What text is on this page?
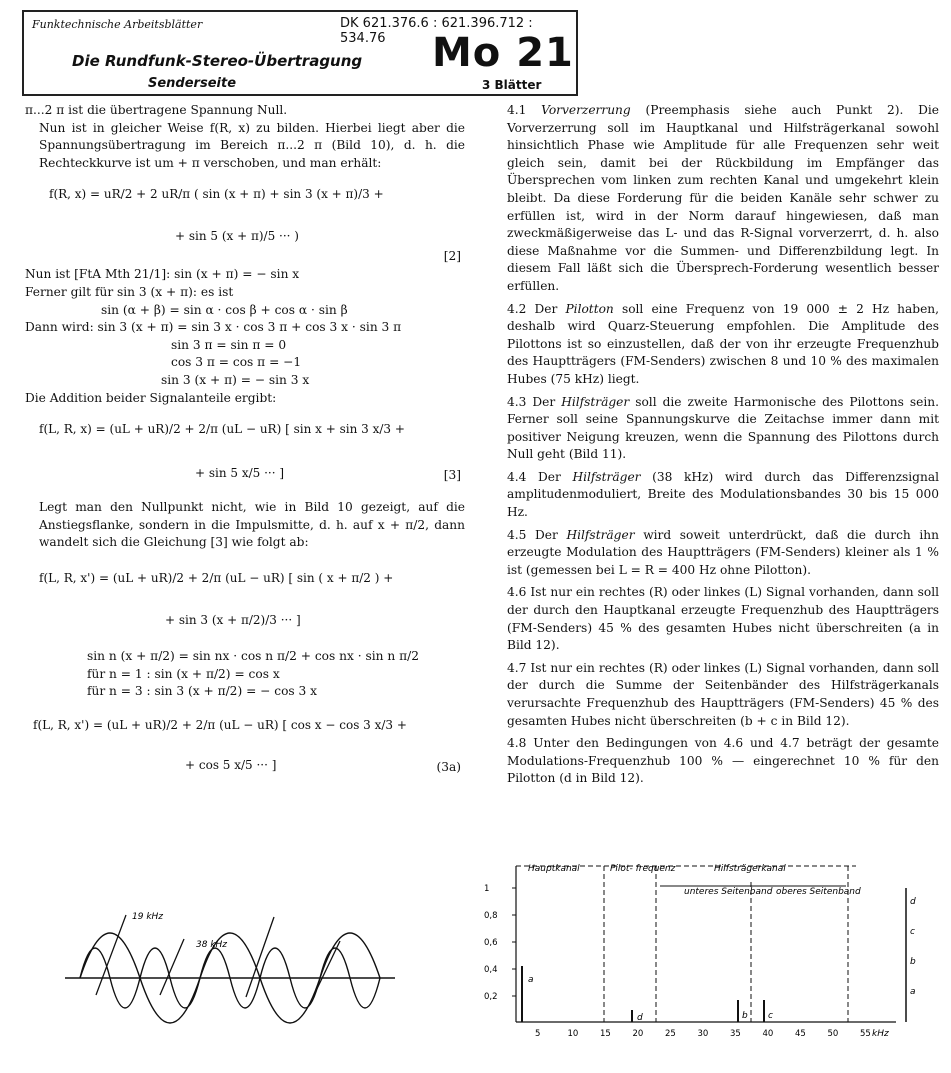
Funktechnische Arbeitsblätter	DK 621.376.6 : 621.396.712 : 534.76
Die Rundfunk-Stereo-Übertragung
Senderseite
Mo 21
3 Blätter

π...2 π ist die übertragene Spannung Null.

Nun ist in gleicher Weise f(R, x) zu bilden. Hierbei liegt aber die Spannungsübertragung im Bereich π...2 π (Bild 10), d. h. die Rechteckkurve ist um + π verschoben, und man erhält:

f(R, x) = uR/2 + 2 uR/π ( sin (x + π) + sin 3 (x + π)/3 +
+ sin 5 (x + π)/5 ··· )
[2]

Nun ist [FtA Mth 21/1]: sin (x + π) = − sin x

Ferner gilt für sin 3 (x + π): es ist

sin (α + β) = sin α · cos β + cos α · sin β

Dann wird: sin 3 (x + π) = sin 3 x · cos 3 π + cos 3 x · sin 3 π

sin 3 π = sin π = 0

cos 3 π = cos π = −1

sin 3 (x + π) = − sin 3 x

Die Addition beider Signalanteile ergibt:

f(L, R, x) = (uL + uR)/2 + 2/π (uL − uR) [ sin x + sin 3 x/3 +
+ sin 5 x/5 ··· ]	[3]

Legt man den Nullpunkt nicht, wie in Bild 10 gezeigt, auf die Anstiegsflanke, sondern in die Impulsmitte, d. h. auf x + π/2, dann wandelt sich die Gleichung [3] wie folgt ab:

f(L, R, x') = (uL + uR)/2 + 2/π (uL − uR) [ sin ( x + π/2 ) +
+ sin 3 (x + π/2)/3 ··· ]

sin n (x + π/2) = sin nx · cos n π/2 + cos nx · sin n π/2

für n = 1 : sin (x + π/2) = cos x

für n = 3 : sin 3 (x + π/2) = − cos 3 x

f(L, R, x') = (uL + uR)/2 + 2/π (uL − uR) [ cos x − cos 3 x/3 +
+ cos 5 x/5 ··· ]	(3a)

4.1 Vorverzerrung (Preemphasis siehe auch Punkt 2). Die Vorverzerrung soll im Hauptkanal und Hilfsträgerkanal sowohl hinsichtlich Phase wie Amplitude für alle Frequenzen sehr weit gleich sein, damit bei der Rückbildung im Empfänger das Übersprechen vom linken zum rechten Kanal und umgekehrt klein bleibt. Da diese Forderung für die beiden Kanäle sehr schwer zu erfüllen ist, wird in der Norm darauf hingewiesen, daß man zweckmäßigerweise das L- und das R-Signal vorverzerrt, d. h. also diese Maßnahme vor die Summen- und Differenzbildung legt. In diesem Fall läßt sich die Übersprech-Forderung wesentlich besser erfüllen.

4.2 Der Pilotton soll eine Frequenz von 19 000 ± 2 Hz haben, deshalb wird Quarz-Steuerung empfohlen. Die Amplitude des Pilottons ist so einzustellen, daß der von ihr erzeugte Frequenzhub des Hauptträgers (FM-Senders) zwischen 8 und 10 % des maximalen Hubes (75 kHz) liegt.

4.3 Der Hilfsträger soll die zweite Harmonische des Pilottons sein. Ferner soll seine Spannungskurve die Zeitachse immer dann mit positiver Neigung kreuzen, wenn die Spannung des Pilottons durch Null geht (Bild 11).

4.4 Der Hilfsträger (38 kHz) wird durch das Differenzsignal amplitudenmoduliert, Breite des Modulationsbandes 30 bis 15 000 Hz.

4.5 Der Hilfsträger wird soweit unterdrückt, daß die durch ihn erzeugte Modulation des Hauptträgers (FM-Senders) kleiner als 1 % ist (gemessen bei L = R = 400 Hz ohne Pilotton).

4.6 Ist nur ein rechtes (R) oder linkes (L) Signal vorhanden, dann soll der durch den Hauptkanal erzeugte Frequenzhub des Hauptträgers (FM-Senders) 45 % des gesamten Hubes nicht überschreiten (a in Bild 12).

4.7 Ist nur ein rechtes (R) oder linkes (L) Signal vorhanden, dann soll der durch die Summe der Seitenbänder des Hilfsträgerkanals verursachte Frequenzhub des Hauptträgers (FM-Senders) 45 % des gesamten Hubes nicht überschreiten (b + c in Bild 12).

4.8 Unter den Bedingungen von 4.6 und 4.7 beträgt der gesamte Modulations-Frequenzhub 100 % — eingerechnet 10 % für den Pilotton (d in Bild 12).

19 kHz
38 kHz
Hauptkanal	Pilot- frequenz	Hilfsträgerkanal
unteres Seitenband oberes Seitenband
1
0,8
0,6
0,4
0,2
5	10	15	20	25	30	35	40	45	50	55
a
d	b c
d
c
b
a
kHz
